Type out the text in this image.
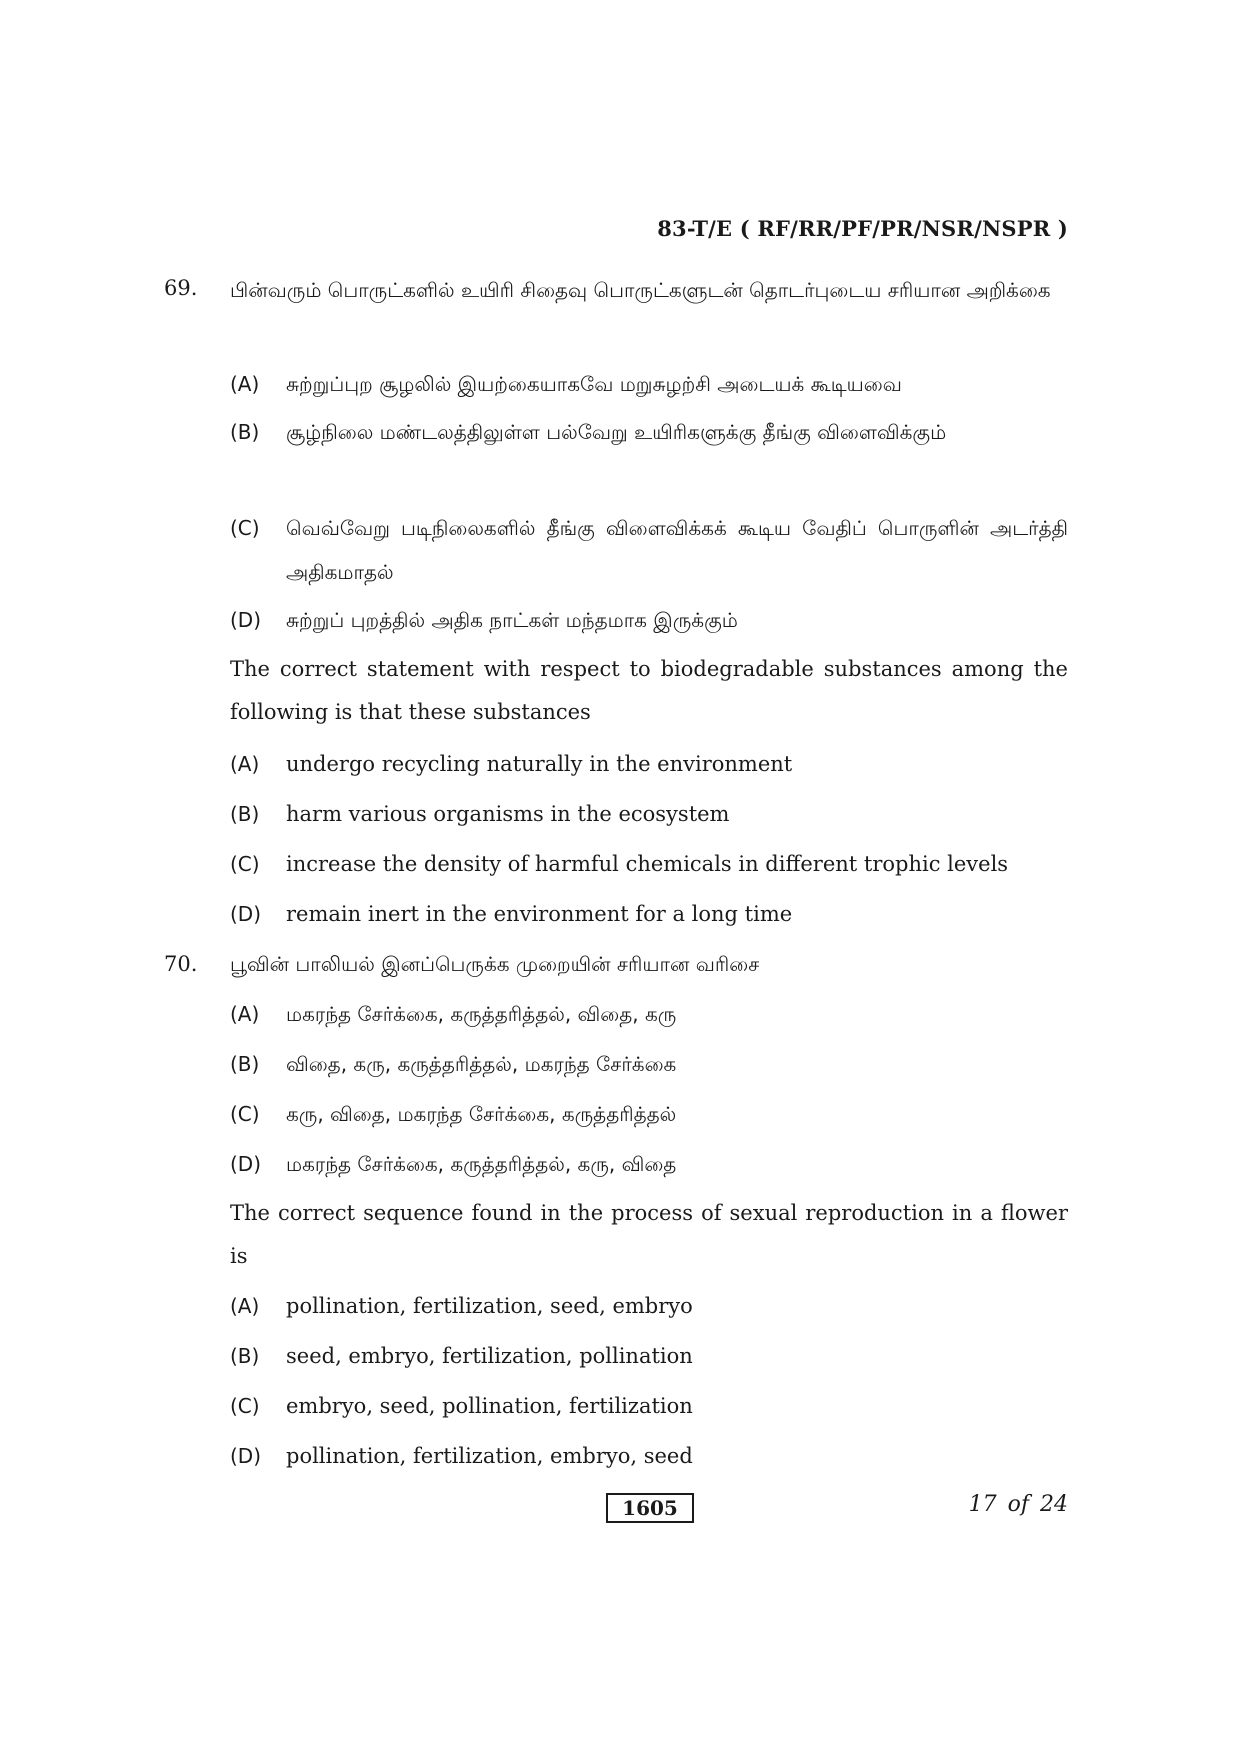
83-T/E ( RF/RR/PF/PR/NSR/NSPR )
69. பின்வரும் பொருட்களில் உயிரி சிதைவு பொருட்களுடன் தொடர்புடைய சரியான அறிக்கை
(A)	சுற்றுப்புற சூழலில் இயற்கையாகவே மறுசுழற்சி அடையக் கூடியவை
(B)	சூழ்நிலை மண்டலத்திலுள்ள பல்வேறு உயிரிகளுக்கு தீங்கு விளைவிக்கும்
(C)	வெவ்வேறு படிநிலைகளில் தீங்கு விளைவிக்கக் கூடிய வேதிப் பொருளின் அடர்த்தி அதிகமாதல்
(D)	சுற்றுப் புறத்தில் அதிக நாட்கள் மந்தமாக இருக்கும்
The correct statement with respect to biodegradable substances among the following is that these substances
(A)	undergo recycling naturally in the environment
(B)	harm various organisms in the ecosystem
(C)	increase the density of harmful chemicals in different trophic levels
(D)	remain inert in the environment for a long time
70. பூவின் பாலியல் இனப்பெருக்க முறையின் சரியான வரிசை
(A)	மகரந்த சேர்க்கை, கருத்தரித்தல், விதை, கரு
(B)	விதை, கரு, கருத்தரித்தல், மகரந்த சேர்க்கை
(C)	கரு, விதை, மகரந்த சேர்க்கை, கருத்தரித்தல்
(D)	மகரந்த சேர்க்கை, கருத்தரித்தல், கரு, விதை
The correct sequence found in the process of sexual reproduction in a flower is
(A)	pollination, fertilization, seed, embryo
(B)	seed, embryo, fertilization, pollination
(C)	embryo, seed, pollination, fertilization
(D)	pollination, fertilization, embryo, seed
1605	17 of 24
